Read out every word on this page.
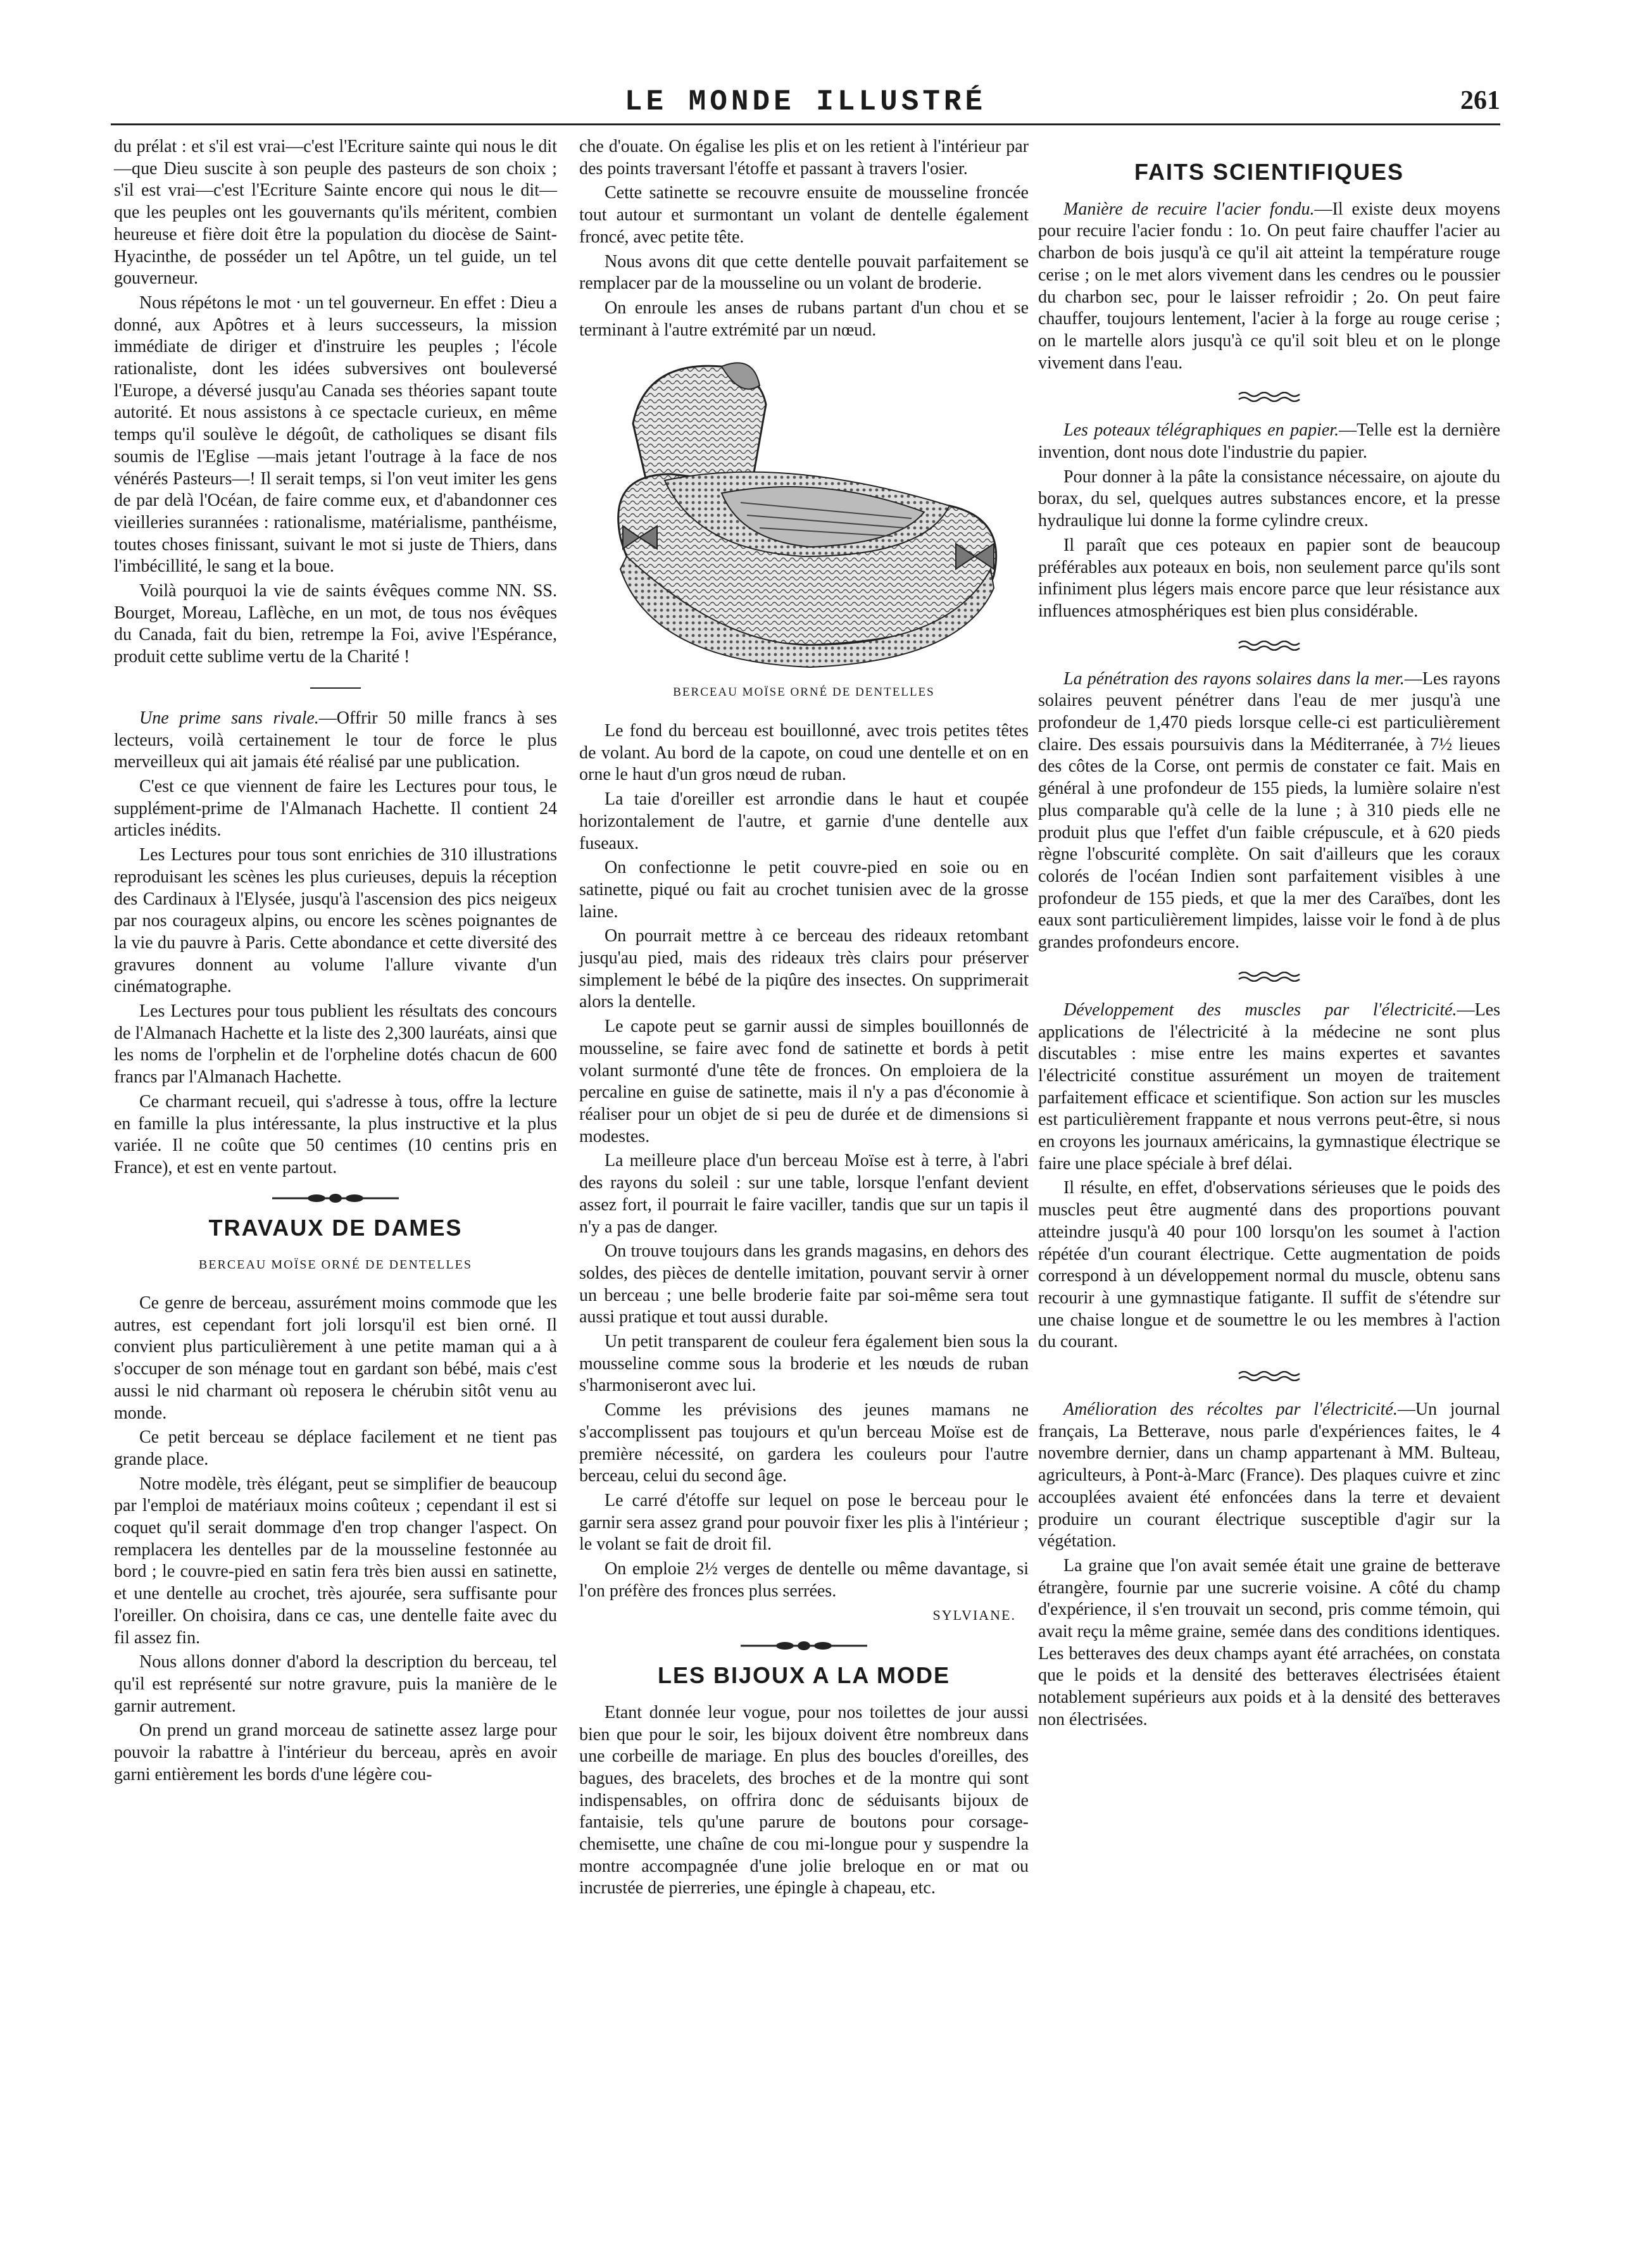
LE MONDE ILLUSTRÉ	261

du prélat : et s'il est vrai—c'est l'Ecriture sainte qui nous le dit—que Dieu suscite à son peuple des pasteurs de son choix ; s'il est vrai—c'est l'Ecriture Sainte encore qui nous le dit—que les peuples ont les gouvernants qu'ils méritent, combien heureuse et fière doit être la population du diocèse de Saint-Hyacinthe, de posséder un tel Apôtre, un tel guide, un tel gouverneur.

Nous répétons le mot · un tel gouverneur. En effet : Dieu a donné, aux Apôtres et à leurs successeurs, la mission immédiate de diriger et d'instruire les peuples ; l'école rationaliste, dont les idées subversives ont bouleversé l'Europe, a déversé jusqu'au Canada ses théories sapant toute autorité. Et nous assistons à ce spectacle curieux, en même temps qu'il soulève le dégoût, de catholiques se disant fils soumis de l'Eglise —mais jetant l'outrage à la face de nos vénérés Pasteurs—! Il serait temps, si l'on veut imiter les gens de par delà l'Océan, de faire comme eux, et d'abandonner ces vieilleries surannées : rationalisme, matérialisme, panthéisme, toutes choses finissant, suivant le mot si juste de Thiers, dans l'imbécillité, le sang et la boue.

Voilà pourquoi la vie de saints évêques comme NN. SS. Bourget, Moreau, Laflèche, en un mot, de tous nos évêques du Canada, fait du bien, retrempe la Foi, avive l'Espérance, produit cette sublime vertu de la Charité !

Une prime sans rivale.—Offrir 50 mille francs à ses lecteurs, voilà certainement le tour de force le plus merveilleux qui ait jamais été réalisé par une publication.

C'est ce que viennent de faire les Lectures pour tous, le supplément-prime de l'Almanach Hachette. Il contient 24 articles inédits.

Les Lectures pour tous sont enrichies de 310 illustrations reproduisant les scènes les plus curieuses, depuis la réception des Cardinaux à l'Elysée, jusqu'à l'ascension des pics neigeux par nos courageux alpins, ou encore les scènes poignantes de la vie du pauvre à Paris. Cette abondance et cette diversité des gravures donnent au volume l'allure vivante d'un cinématographe.

Les Lectures pour tous publient les résultats des concours de l'Almanach Hachette et la liste des 2,300 lauréats, ainsi que les noms de l'orphelin et de l'orpheline dotés chacun de 600 francs par l'Almanach Hachette.

Ce charmant recueil, qui s'adresse à tous, offre la lecture en famille la plus intéressante, la plus instructive et la plus variée. Il ne coûte que 50 centimes (10 centins pris en France), et est en vente partout.

TRAVAUX DE DAMES
BERCEAU MOÏSE ORNÉ DE DENTELLES

Ce genre de berceau, assurément moins commode que les autres, est cependant fort joli lorsqu'il est bien orné. Il convient plus particulièrement à une petite maman qui a à s'occuper de son ménage tout en gardant son bébé, mais c'est aussi le nid charmant où reposera le chérubin sitôt venu au monde.

Ce petit berceau se déplace facilement et ne tient pas grande place.

Notre modèle, très élégant, peut se simplifier de beaucoup par l'emploi de matériaux moins coûteux ; cependant il est si coquet qu'il serait dommage d'en trop changer l'aspect. On remplacera les dentelles par de la mousseline festonnée au bord ; le couvre-pied en satin fera très bien aussi en satinette, et une dentelle au crochet, très ajourée, sera suffisante pour l'oreiller. On choisira, dans ce cas, une dentelle faite avec du fil assez fin.

Nous allons donner d'abord la description du berceau, tel qu'il est représenté sur notre gravure, puis la manière de le garnir autrement.

On prend un grand morceau de satinette assez large pour pouvoir la rabattre à l'intérieur du berceau, après en avoir garni entièrement les bords d'une légère cou-

che d'ouate. On égalise les plis et on les retient à l'intérieur par des points traversant l'étoffe et passant à travers l'osier.

Cette satinette se recouvre ensuite de mousseline froncée tout autour et surmontant un volant de dentelle également froncé, avec petite tête.

Nous avons dit que cette dentelle pouvait parfaitement se remplacer par de la mousseline ou un volant de broderie.

On enroule les anses de rubans partant d'un chou et se terminant à l'autre extrémité par un nœud.

BERCEAU MOÏSE ORNÉ DE DENTELLES

Le fond du berceau est bouillonné, avec trois petites têtes de volant. Au bord de la capote, on coud une dentelle et on en orne le haut d'un gros nœud de ruban.

La taie d'oreiller est arrondie dans le haut et coupée horizontalement de l'autre, et garnie d'une dentelle aux fuseaux.

On confectionne le petit couvre-pied en soie ou en satinette, piqué ou fait au crochet tunisien avec de la grosse laine.

On pourrait mettre à ce berceau des rideaux retombant jusqu'au pied, mais des rideaux très clairs pour préserver simplement le bébé de la piqûre des insectes. On supprimerait alors la dentelle.

Le capote peut se garnir aussi de simples bouillonnés de mousseline, se faire avec fond de satinette et bords à petit volant surmonté d'une tête de fronces. On emploiera de la percaline en guise de satinette, mais il n'y a pas d'économie à réaliser pour un objet de si peu de durée et de dimensions si modestes.

La meilleure place d'un berceau Moïse est à terre, à l'abri des rayons du soleil : sur une table, lorsque l'enfant devient assez fort, il pourrait le faire vaciller, tandis que sur un tapis il n'y a pas de danger.

On trouve toujours dans les grands magasins, en dehors des soldes, des pièces de dentelle imitation, pouvant servir à orner un berceau ; une belle broderie faite par soi-même sera tout aussi pratique et tout aussi durable.

Un petit transparent de couleur fera également bien sous la mousseline comme sous la broderie et les nœuds de ruban s'harmoniseront avec lui.

Comme les prévisions des jeunes mamans ne s'accomplissent pas toujours et qu'un berceau Moïse est de première nécessité, on gardera les couleurs pour l'autre berceau, celui du second âge.

Le carré d'étoffe sur lequel on pose le berceau pour le garnir sera assez grand pour pouvoir fixer les plis à l'intérieur ; le volant se fait de droit fil.

On emploie 2½ verges de dentelle ou même davantage, si l'on préfère des fronces plus serrées.

SYLVIANE.
LES BIJOUX A LA MODE

Etant donnée leur vogue, pour nos toilettes de jour aussi bien que pour le soir, les bijoux doivent être nombreux dans une corbeille de mariage. En plus des boucles d'oreilles, des bagues, des bracelets, des broches et de la montre qui sont indispensables, on offrira donc de séduisants bijoux de fantaisie, tels qu'une parure de boutons pour corsage-chemisette, une chaîne de cou mi-longue pour y suspendre la montre accompagnée d'une jolie breloque en or mat ou incrustée de pierreries, une épingle à chapeau, etc.

FAITS SCIENTIFIQUES

Manière de recuire l'acier fondu.—Il existe deux moyens pour recuire l'acier fondu : 1o. On peut faire chauffer l'acier au charbon de bois jusqu'à ce qu'il ait atteint la température rouge cerise ; on le met alors vivement dans les cendres ou le poussier du charbon sec, pour le laisser refroidir ; 2o. On peut faire chauffer, toujours lentement, l'acier à la forge au rouge cerise ; on le martelle alors jusqu'à ce qu'il soit bleu et on le plonge vivement dans l'eau.

Les poteaux télégraphiques en papier.—Telle est la dernière invention, dont nous dote l'industrie du papier.

Pour donner à la pâte la consistance nécessaire, on ajoute du borax, du sel, quelques autres substances encore, et la presse hydraulique lui donne la forme cylindre creux.

Il paraît que ces poteaux en papier sont de beaucoup préférables aux poteaux en bois, non seulement parce qu'ils sont infiniment plus légers mais encore parce que leur résistance aux influences atmosphériques est bien plus considérable.

La pénétration des rayons solaires dans la mer.—Les rayons solaires peuvent pénétrer dans l'eau de mer jusqu'à une profondeur de 1,470 pieds lorsque celle-ci est particulièrement claire. Des essais poursuivis dans la Méditerranée, à 7½ lieues des côtes de la Corse, ont permis de constater ce fait. Mais en général à une profondeur de 155 pieds, la lumière solaire n'est plus comparable qu'à celle de la lune ; à 310 pieds elle ne produit plus que l'effet d'un faible crépuscule, et à 620 pieds règne l'obscurité complète. On sait d'ailleurs que les coraux colorés de l'océan Indien sont parfaitement visibles à une profondeur de 155 pieds, et que la mer des Caraïbes, dont les eaux sont particulièrement limpides, laisse voir le fond à de plus grandes profondeurs encore.

Développement des muscles par l'électricité.—Les applications de l'électricité à la médecine ne sont plus discutables : mise entre les mains expertes et savantes l'électricité constitue assurément un moyen de traitement parfaitement efficace et scientifique. Son action sur les muscles est particulièrement frappante et nous verrons peut-être, si nous en croyons les journaux américains, la gymnastique électrique se faire une place spéciale à bref délai.

Il résulte, en effet, d'observations sérieuses que le poids des muscles peut être augmenté dans des proportions pouvant atteindre jusqu'à 40 pour 100 lorsqu'on les soumet à l'action répétée d'un courant électrique. Cette augmentation de poids correspond à un développement normal du muscle, obtenu sans recourir à une gymnastique fatigante. Il suffit de s'étendre sur une chaise longue et de soumettre le ou les membres à l'action du courant.

Amélioration des récoltes par l'électricité.—Un journal français, La Betterave, nous parle d'expériences faites, le 4 novembre dernier, dans un champ appartenant à MM. Bulteau, agriculteurs, à Pont-à-Marc (France). Des plaques cuivre et zinc accouplées avaient été enfoncées dans la terre et devaient produire un courant électrique susceptible d'agir sur la végétation.

La graine que l'on avait semée était une graine de betterave étrangère, fournie par une sucrerie voisine. A côté du champ d'expérience, il s'en trouvait un second, pris comme témoin, qui avait reçu la même graine, semée dans des conditions identiques. Les betteraves des deux champs ayant été arrachées, on constata que le poids et la densité des betteraves électrisées étaient notablement supérieurs aux poids et à la densité des betteraves non électrisées.
